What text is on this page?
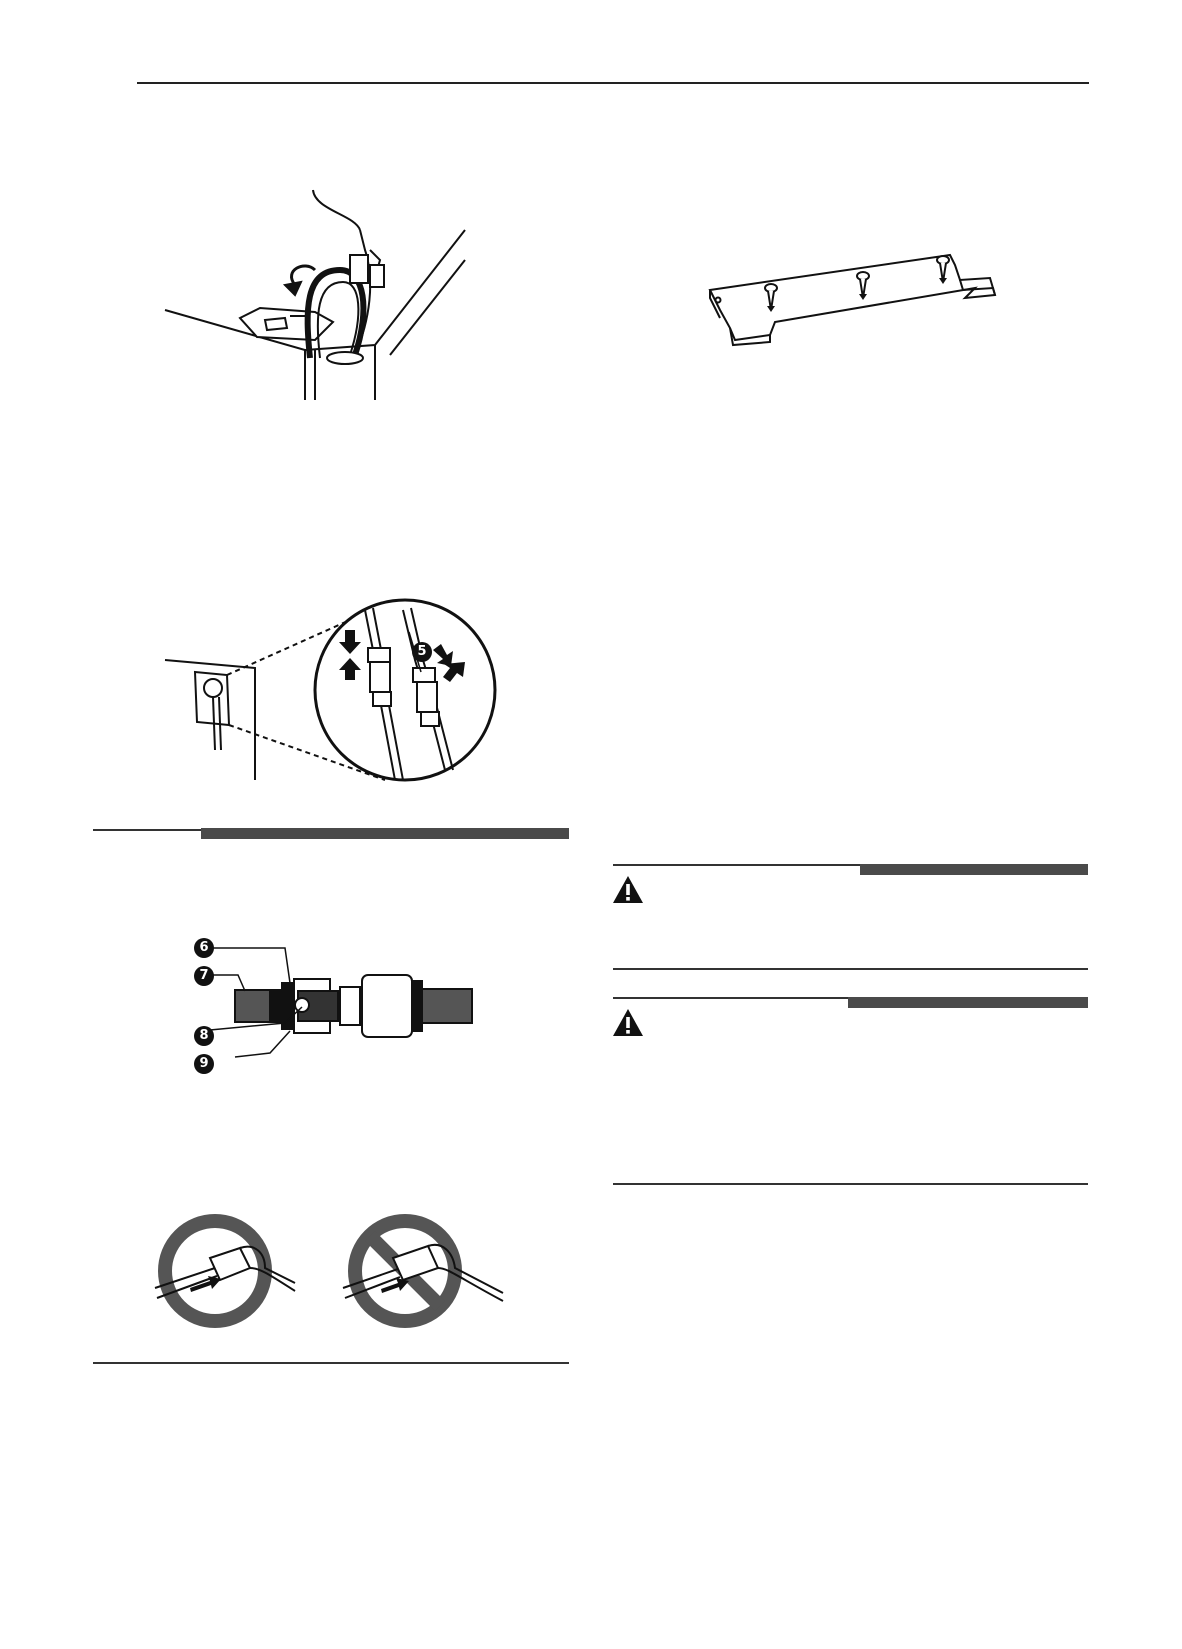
5
6
7
8
9
